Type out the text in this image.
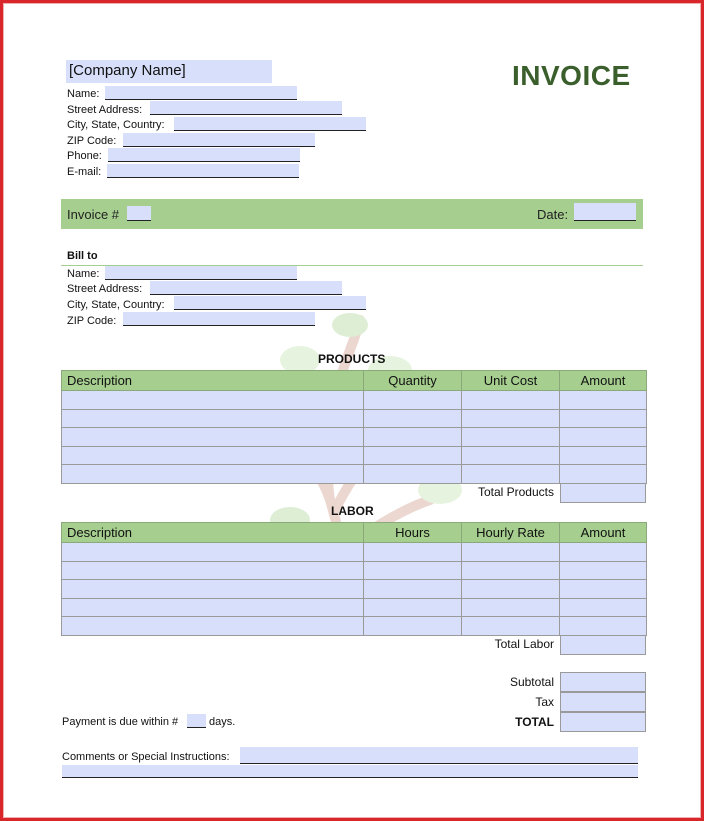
[Company Name]	INVOICE
Name:
Street Address:
City, State, Country:
ZIP Code:
Phone:
E-mail:
Invoice #	Date:
Bill to
Name:
Street Address:
City, State, Country:
ZIP Code:
PRODUCTS
Description	Quantity	Unit Cost	Amount

Total Products
LABOR
Description	Hours	Hourly Rate	Amount

Total Labor
Subtotal
Tax
TOTAL
Payment is due within #	days.
Comments or Special Instructions:
